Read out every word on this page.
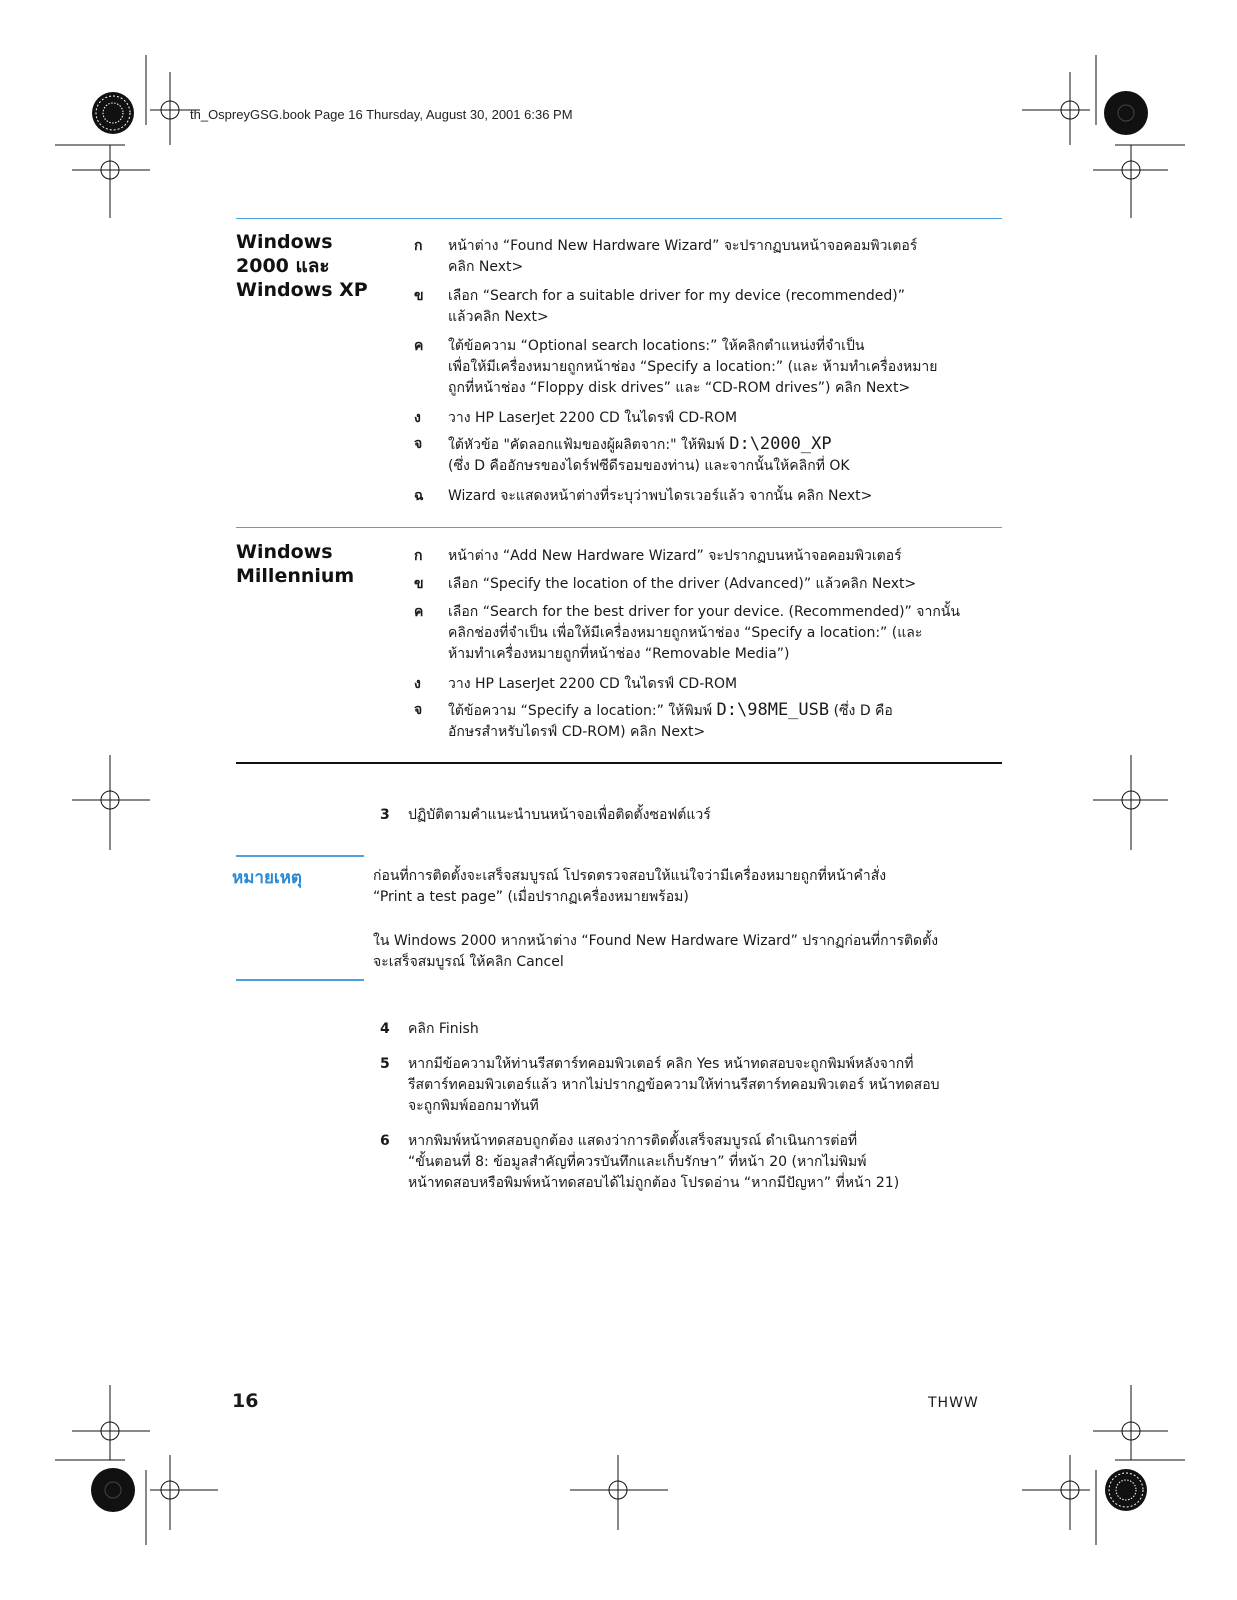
th_OspreyGSG.book Page 16 Thursday, August 30, 2001 6:36 PM
Windows
2000 และ
Windows XP
ก	หน้าต่าง “Found New Hardware Wizard” จะปรากฏบนหน้าจอคอมพิวเตอร์
คลิก Next>
ข	เลือก “Search for a suitable driver for my device (recommended)”
แล้วคลิก Next>
ค	ใต้ข้อความ “Optional search locations:” ให้คลิกตำแหน่งที่จำเป็น
เพื่อให้มีเครื่องหมายถูกหน้าช่อง “Specify a location:” (และ ห้ามทำเครื่องหมาย
ถูกที่หน้าช่อง “Floppy disk drives” และ “CD-ROM drives”) คลิก Next>
ง	วาง HP LaserJet 2200 CD ในไดรฟ์ CD-ROM
จ	ใต้หัวข้อ "คัดลอกแฟ้มของผู้ผลิตจาก:" ให้พิมพ์ D:\2000_XP
(ซึ่ง D คืออักษรของไดร์ฟซีดีรอมของท่าน) และจากนั้นให้คลิกที่ OK
ฉ	Wizard จะแสดงหน้าต่างที่ระบุว่าพบไดรเวอร์แล้ว จากนั้น คลิก Next>
Windows
Millennium
ก	หน้าต่าง “Add New Hardware Wizard” จะปรากฏบนหน้าจอคอมพิวเตอร์
ข	เลือก “Specify the location of the driver (Advanced)” แล้วคลิก Next>
ค	เลือก “Search for the best driver for your device. (Recommended)” จากนั้น
คลิกช่องที่จำเป็น เพื่อให้มีเครื่องหมายถูกหน้าช่อง “Specify a location:” (และ
ห้ามทำเครื่องหมายถูกที่หน้าช่อง “Removable Media”)
ง	วาง HP LaserJet 2200 CD ในไดรฟ์ CD-ROM
จ	ใต้ข้อความ “Specify a location:” ให้พิมพ์ D:\98ME_USB (ซึ่ง D คือ
อักษรสำหรับไดรฟ์ CD-ROM) คลิก Next>
3 ปฏิบัติตามคำแนะนำบนหน้าจอเพื่อติดตั้งซอฟต์แวร์
หมายเหตุ	ก่อนที่การติดตั้งจะเสร็จสมบูรณ์ โปรดตรวจสอบให้แน่ใจว่ามีเครื่องหมายถูกที่หน้าคำสั่ง
“Print a test page” (เมื่อปรากฏเครื่องหมายพร้อม)
ใน Windows 2000 หากหน้าต่าง “Found New Hardware Wizard” ปรากฏก่อนที่การติดตั้ง
จะเสร็จสมบูรณ์ ให้คลิก Cancel
4 คลิก Finish
5 หากมีข้อความให้ท่านรีสตาร์ทคอมพิวเตอร์ คลิก Yes หน้าทดสอบจะถูกพิมพ์หลังจากที่
รีสตาร์ทคอมพิวเตอร์แล้ว หากไม่ปรากฏข้อความให้ท่านรีสตาร์ทคอมพิวเตอร์ หน้าทดสอบ
จะถูกพิมพ์ออกมาทันที
6 หากพิมพ์หน้าทดสอบถูกต้อง แสดงว่าการติดตั้งเสร็จสมบูรณ์ ดำเนินการต่อที่
“ขั้นตอนที่ 8: ข้อมูลสำคัญที่ควรบันทึกและเก็บรักษา” ที่หน้า 20 (หากไม่พิมพ์
หน้าทดสอบหรือพิมพ์หน้าทดสอบได้ไม่ถูกต้อง โปรดอ่าน “หากมีปัญหา” ที่หน้า 21)
16	THWW
